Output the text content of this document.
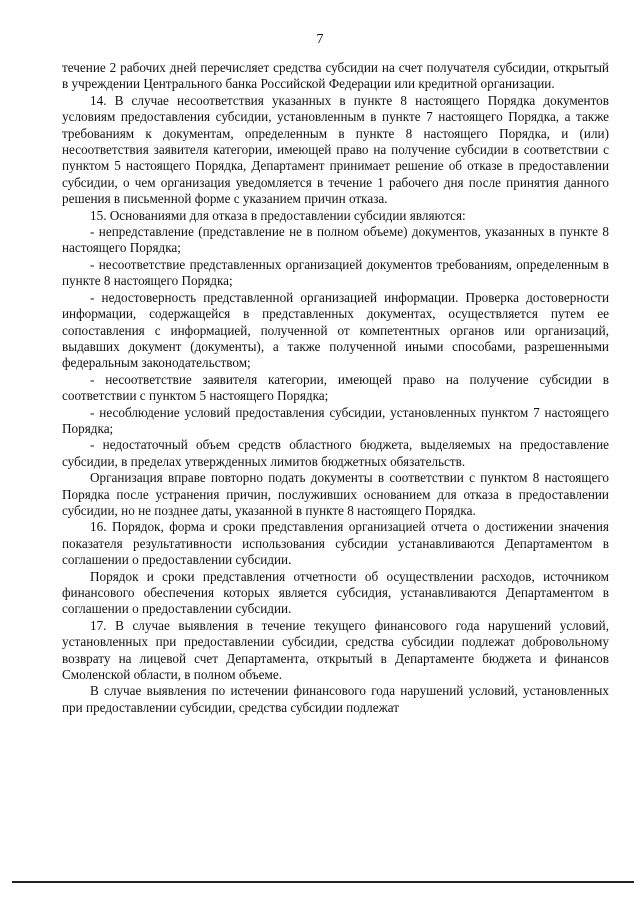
7

течение 2 рабочих дней перечисляет средства субсидии на счет получателя субсидии, открытый в учреждении Центрального банка Российской Федерации или кредитной организации.

14. В случае несоответствия указанных в пункте 8 настоящего Порядка документов условиям предоставления субсидии, установленным в пункте 7 настоящего Порядка, а также требованиям к документам, определенным в пункте 8 настоящего Порядка, и (или) несоответствия заявителя категории, имеющей право на получение субсидии в соответствии с пунктом 5 настоящего Порядка, Департамент принимает решение об отказе в предоставлении субсидии, о чем организация уведомляется в течение 1 рабочего дня после принятия данного решения в письменной форме с указанием причин отказа.

15. Основаниями для отказа в предоставлении субсидии являются:

- непредставление (представление не в полном объеме) документов, указанных в пункте 8 настоящего Порядка;

- несоответствие представленных организацией документов требованиям, определенным в пункте 8 настоящего Порядка;

- недостоверность представленной организацией информации. Проверка достоверности информации, содержащейся в представленных документах, осуществляется путем ее сопоставления с информацией, полученной от компетентных органов или организаций, выдавших документ (документы), а также полученной иными способами, разрешенными федеральным законодательством;

- несоответствие заявителя категории, имеющей право на получение субсидии в соответствии с пунктом 5 настоящего Порядка;

- несоблюдение условий предоставления субсидии, установленных пунктом 7 настоящего Порядка;

- недостаточный объем средств областного бюджета, выделяемых на предоставление субсидии, в пределах утвержденных лимитов бюджетных обязательств.

Организация вправе повторно подать документы в соответствии с пунктом 8 настоящего Порядка после устранения причин, послуживших основанием для отказа в предоставлении субсидии, но не позднее даты, указанной в пункте 8 настоящего Порядка.

16. Порядок, форма и сроки представления организацией отчета о достижении значения показателя результативности использования субсидии устанавливаются Департаментом в соглашении о предоставлении субсидии.

Порядок и сроки представления отчетности об осуществлении расходов, источником финансового обеспечения которых является субсидия, устанавливаются Департаментом в соглашении о предоставлении субсидии.

17. В случае выявления в течение текущего финансового года нарушений условий, установленных при предоставлении субсидии, средства субсидии подлежат добровольному возврату на лицевой счет Департамента, открытый в Департаменте бюджета и финансов Смоленской области, в полном объеме.

В случае выявления по истечении финансового года нарушений условий, установленных при предоставлении субсидии, средства субсидии подлежат
